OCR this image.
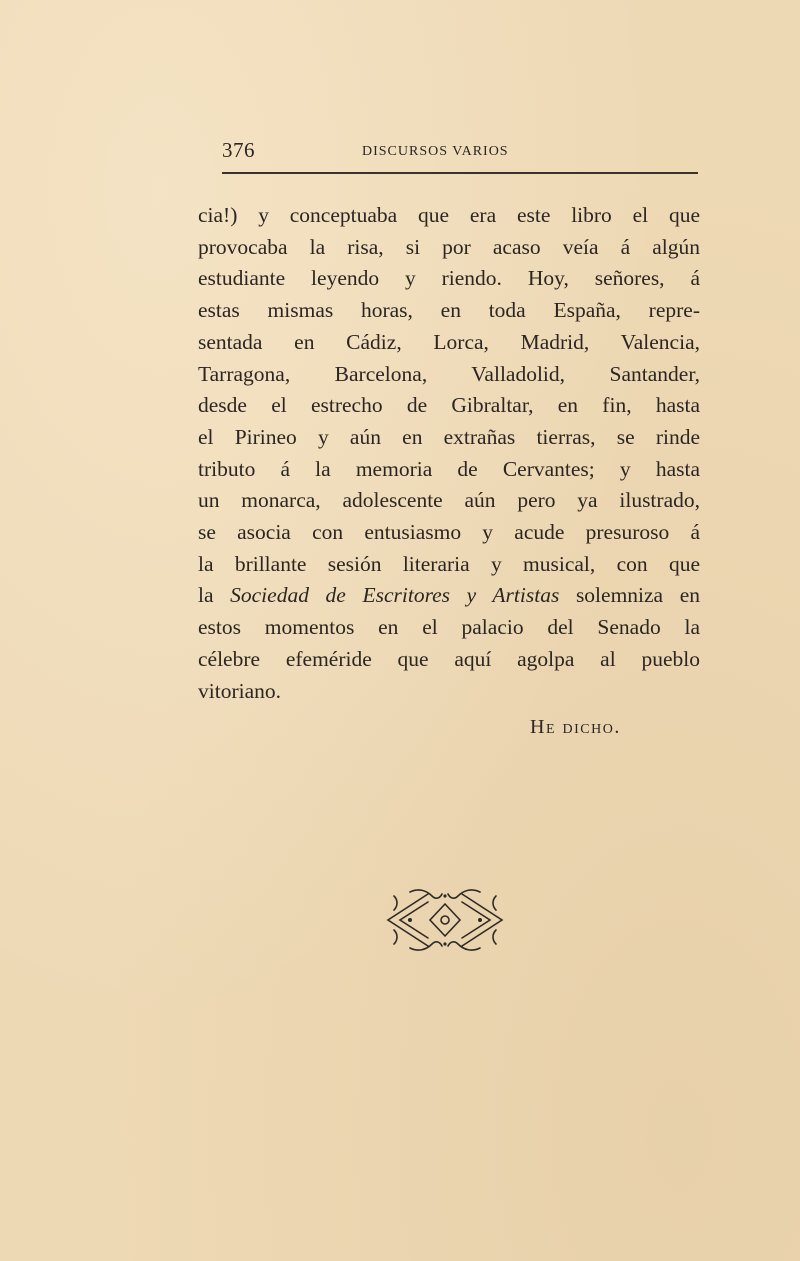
376	DISCURSOS VARIOS
cia!) y conceptuaba que era este libro el que
provocaba la risa, si por acaso veía á algún
estudiante leyendo y riendo. Hoy, señores, á
estas mismas horas, en toda España, repre-
sentada en Cádiz, Lorca, Madrid, Valencia,
Tarragona, Barcelona, Valladolid, Santander,
desde el estrecho de Gibraltar, en fin, hasta
el Pirineo y aún en extrañas tierras, se rinde
tributo á la memoria de Cervantes; y hasta
un monarca, adolescente aún pero ya ilustrado,
se asocia con entusiasmo y acude presuroso á
la brillante sesión literaria y musical, con que
la Sociedad de Escritores y Artistas solemniza en
estos momentos en el palacio del Senado la
célebre efeméride que aquí agolpa al pueblo
vitoriano.
He dicho.
